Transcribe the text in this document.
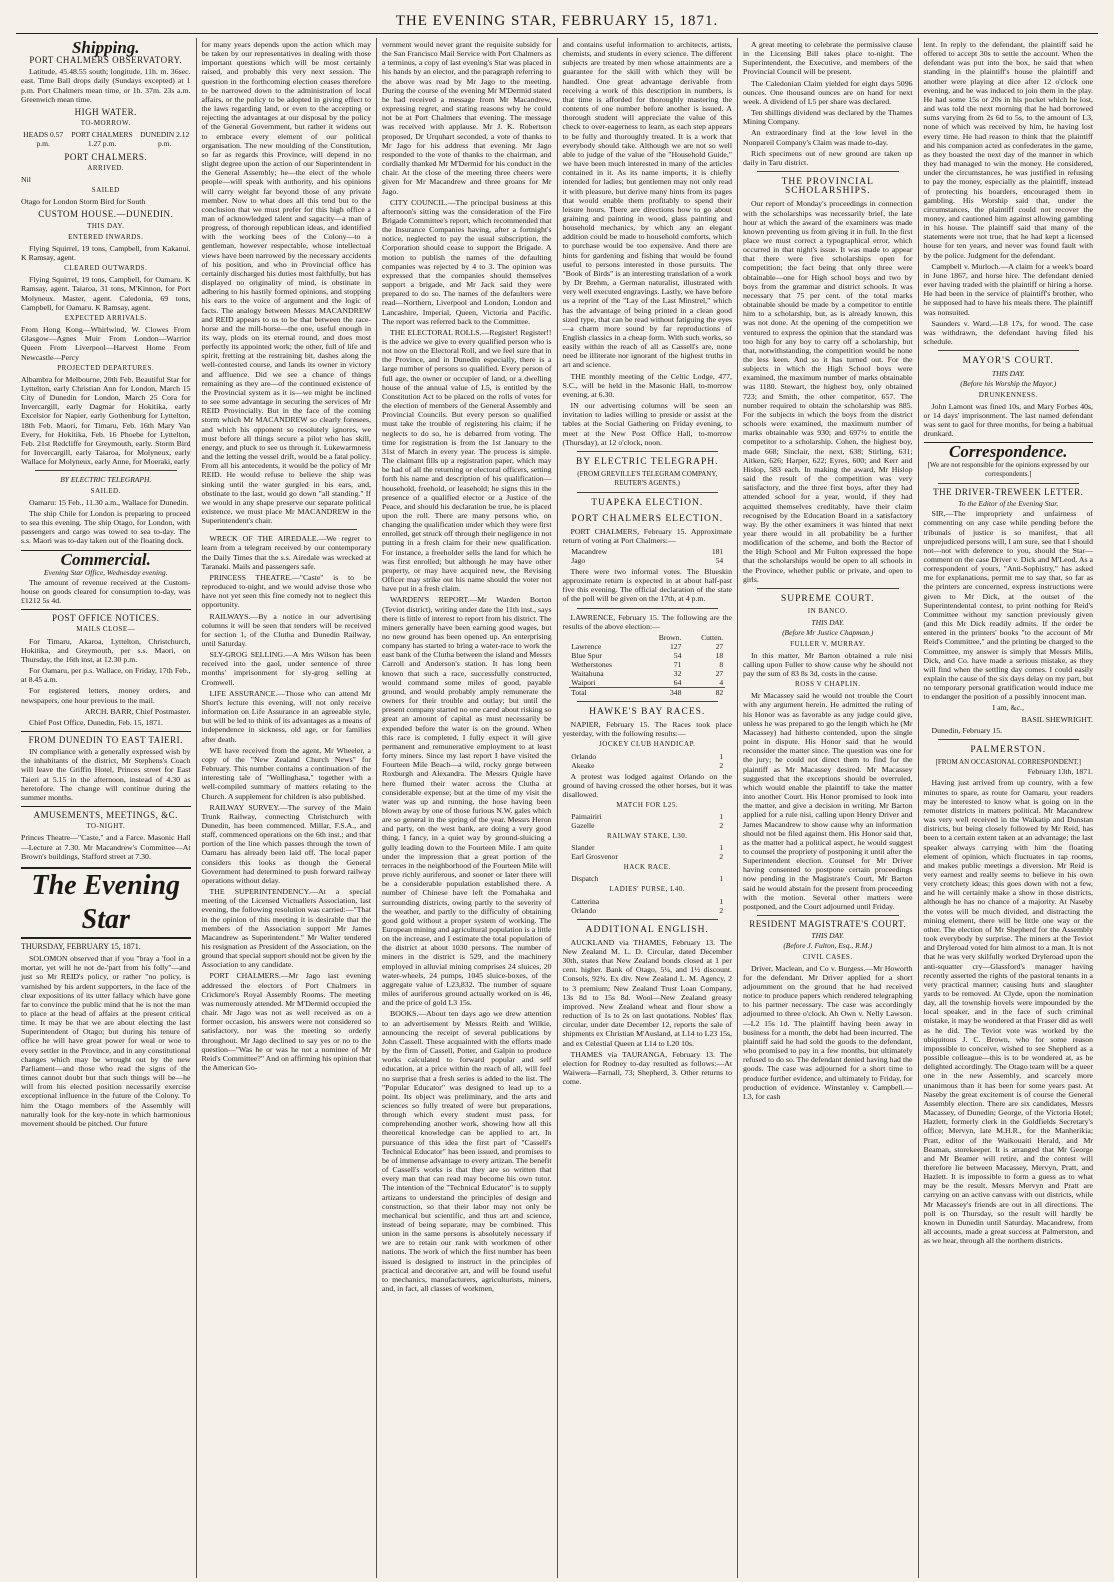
THE EVENING STAR, FEBRUARY 15, 1871.
Shipping.
PORT CHALMERS OBSERVATORY.

Latitude, 45.48.55 south; longitude, 11h. m. 36sec. east. Time Ball drops daily (Sundays excepted) at 1 p.m. Port Chalmers mean time, or 1h. 37m. 23s a.m. Greenwich mean time.

HIGH WATER.
TO-MORROW.
HEADS 0.57 p.m.
PORT CHALMERS 1.27 p.m.
DUNEDIN 2.12 p.m.
PORT CHALMERS.
ARRIVED.

Nil

SAILED

Otago for London Storm Bird for South

CUSTOM HOUSE.—DUNEDIN.
THIS DAY.
ENTERED INWARDS.

Flying Squirrel, 19 tons, Campbell, from Kakanui. K Ramsay, agent.

CLEARED OUTWARDS.

Flying Squirrel, 19 tons, Campbell, for Oamaru. K Ramsay, agent. Taiaroa, 31 tons, M'Kinnon, for Port Molyneux. Master, agent. Caledonia, 69 tons, Campbell, for Oamaru. K Ramsay, agent.

EXPECTED ARRIVALS.

From Hong Kong—Whirlwind, W. Clowes From Glasgow—Agnes Muir From London—Warrior Queen From Liverpool—Harvest Home From Newcastle—Percy

PROJECTED DEPARTURES.

Albambra for Melbourne, 20th Feb. Beautiful Star for Lyttelton, early Christian Ann for London, March 15 City of Dunedin for London, March 25 Cora for Invercargill, early Dagmar for Hokitika, early Excelsior for Napier, early Gothenburg for Lyttelton, 18th Feb. Maori, for Timaru, Feb. 16th Mary Van Every, for Hokitika, Feb. 16 Phoebe for Lyttelton, Feb. 21st Redcliffe for Greymouth, early. Storm Bird for Invercargill, early Taiaroa, for Molyneux, early Wallace for Molyneux, early Anne, for Moeraki, early

BY ELECTRIC TELEGRAPH.
SAILED.

Oamaru: 15 Feb., 11.30 a.m., Wallace for Dunedin.

The ship Chile for London is preparing to proceed to sea this evening. The ship Otago, for London, with passengers and cargo was towed to sea to-day. The s.s. Maori was to-day taken out of the floating dock.

Commercial.
Evening Star Office, Wednesday evening.

The amount of revenue received at the Custom-house on goods cleared for consumption to-day, was £1212 5s 4d.

POST OFFICE NOTICES.
MAILS CLOSE—

For Timaru, Akaroa, Lyttelton, Christchurch, Hokitika, and Greymouth, per s.s. Maori, on Thursday, the 16th inst, at 12.30 p.m.

For Oamaru, per p.s. Wallace, on Friday, 17th Feb., at 8.45 a.m.

For registered letters, money orders, and newspapers, one hour previous to the mail.

ARCH. BARR, Chief Postmaster.

Chief Post Office, Dunedin, Feb. 15, 1871.

FROM DUNEDIN TO EAST TAIERI.

IN compliance with a generally expressed wish by the inhabitants of the district, Mr Stephens's Coach will leave the Griffin Hotel, Princes street for East Taieri at 5.15 in the afternoon, instead of 4.30 as heretofore. The change will continue during the summer months.

AMUSEMENTS, MEETINGS, &C.
TO-NIGHT.

Princes Theatre—"Caste," and a Farce. Masonic Hall—Lecture at 7.30. Mr Macandrew's Committee—At Brown's buildings, Stafford street at 7.30.

The Evening Star
THURSDAY, FEBRUARY 15, 1871.

SOLOMON observed that if you "bray a 'fool in a mortar, yet will he not de-'part from his folly"—and just so Mr REID's policy, or rather "no policy, is varnished by his ardent supporters, in the face of the clear expositions of its utter fallacy which have gone far to convince the public mind that he is not the man to place at the head of affairs at the present critical time. It may be that we are about electing the last Superintendent of Otago; but during his tenure of office he will have great power for weal or woe to every settler in the Province, and in any constitutional changes which may be wrought out by the new Parliament—and those who read the signs of the times cannot doubt but that such things will be—he will from his elected position necessarily exercise exceptional influence in the future of the Colony. To him the Otago members of the Assembly will naturally look for the key-note in which harmonious movement should be pitched. Our future

for many years depends upon the action which may be taken by our representatives in dealing with those important questions which will be most certainly raised, and probably this very next session. The question in the forthcoming election ceases therefore to be narrowed down to the administration of local affairs, or the policy to be adopted in giving effect to the laws regarding land, or even to the accepting or rejecting the advantages at our disposal by the policy of the General Government, but rather it widens out to embrace every element of our political organisation. The new moulding of the Constitution, so far as regards this Province, will depend in no slight degree upon the action of our Superintendent in the General Assembly; he—the elect of the whole people—will speak with authority, and his opinions will carry weight far beyond those of any private member. Now to what does all this tend but to the conclusion that we must prefer for this high office a man of acknowledged talent and sagacity—a man of progress, of thorough republican ideas, and identified with the working bees of the Colony—to a gentleman, however respectable, whose intellectual views have been narrowed by the necessary accidents of his position, and who in Provincial office has certainly discharged his duties most faithfully, but has displayed no originality of mind, is obstinate in adhering to his hastily formed opinions, and stopping his ears to the voice of argument and the logic of facts. The analogy between Messrs MACANDREW and REID appears to us to be that between the race-horse and the mill-horse—the one, useful enough in its way, plods on its eternal round, and does most perfectly its appointed work; the other, full of life and spirit, fretting at the restraining bit, dashes along the well-contested course, and lands its owner in victory and affluence. Did we see a chance of things remaining as they are—of the continued existence of the Provincial system as it is—we might be inclined to see some advantage in securing the services of Mr REID Provincially. But in the face of the coming storm which Mr MACANDREW so clearly foresees, and which his opponent so resolutely ignores, we must before all things secure a pilot who has skill, energy, and pluck to see us through it. Lukewarmness and the letting the vessel drift, would be a fatal policy. From all his antecedents, it would be the policy of Mr REID. He would refuse to believe the ship was sinking until the water gurgled in his ears, and, obstinate to the last, would go down "all standing." If we would in any shape preserve our separate political existence, we must place Mr MACANDREW in the Superintendent's chair.

WRECK OF THE AIREDALE.—We regret to learn from a telegram received by our contemporary the Daily Times that the s.s. Airedale was wrecked at Taranaki. Mails and passengers safe.

PRINCESS THEATRE.—"Caste" is to be reproduced to-night, and we would advise those who have not yet seen this fine comedy not to neglect this opportunity.

RAILWAYS.—By a notice in our advertising columns it will be seen that tenders will be received for section 1, of the Clutha and Dunedin Railway, until Saturday.

SLY-GROG SELLING.—A Mrs Wilson has been received into the gaol, under sentence of three months' imprisonment for sly-grog selling at Cromwell.

LIFE ASSURANCE.—Those who can attend Mr Short's lecture this evening, will not only receive information on Life Assurance in an agreeable style, but will be led to think of its advantages as a means of independence in sickness, old age, or for families after death.

WE have received from the agent, Mr Wheeler, a copy of the "New Zealand Church News" for February. This number contains a continuation of the interesting tale of "Wollinghasa," together with a well-compiled summary of matters relating to the Church. A supplement for children is also published.

RAILWAY SURVEY.—The survey of the Main Trunk Railway, connecting Christchurch with Dunedin, has been commenced. Millar, F.S.A., and staff, commenced operations on the 6th inst.; and that portion of the line which passes through the town of Oamaru has already been laid off. The local paper considers this looks as though the General Government had determined to push forward railway operations without delay.

THE SUPERINTENDENCY.—At a special meeting of the Licensed Victuallers Association, last evening, the following resolution was carried:—"That in the opinion of this meeting it is desirable that the members of the Association support Mr James Macandrew as Superintendent." Mr Walter tendered his resignation as President of the Association, on the ground that special support should not be given by the Association to any candidate.

PORT CHALMERS.—Mr Jago last evening addressed the electors of Port Chalmers in Crickmore's Royal Assembly Rooms. The meeting was numerously attended. Mr M'Dermid occupied the chair. Mr Jago was not as well received as on a former occasion, his answers were not considered so satisfactory, nor was the meeting so orderly throughout. Mr Jago declined to say yes or no to the question—"Was he or was he not a nominee of Mr Reid's Committee?" And on affirming his opinion that the American Go-

vernment would never grant the requisite subsidy for the San Francisco Mail Service with Port Chalmers as a terminus, a copy of last evening's Star was placed in his hands by an elector, and the paragraph referring to the above was read by Mr Jago to the meeting. During the course of the evening Mr M'Dermid stated he had received a message from Mr Macandrew, expressing regret, and stating reasons why he could not be at Port Chalmers that evening. The message was received with applause. Mr J. K. Robertson proposed, Dr Urquhart seconded, a vote of thanks to Mr Jago for his address that evening. Mr Jago responded to the vote of thanks to the chairman, and cordially thanked Mr M'Dermid for his conduct in the chair. At the close of the meeting three cheers were given for Mr Macandrew and three groans for Mr Jago.

CITY COUNCIL.—The principal business at this afternoon's sitting was the consideration of the Fire Brigade Committee's report, which recommended that the Insurance Companies having, after a fortnight's notice, neglected to pay the usual subscription, the Corporation should cease to support the Brigade. A motion to publish the names of the defaulting companies was rejected by 4 to 3. The opinion was expressed that the companies should themselves support a brigade, and Mr Jack said they were prepared to do so. The names of the defaulters were read—Northern, Liverpool and London, London and Lancashire, Imperial, Queen, Victoria and Pacific. The report was referred back to the Committee.

THE ELECTORAL ROLLS.—Register! Register!! is the advice we give to every qualified person who is not now on the Electoral Roll, and we feel sure that in the Province, and in Dunedin especially, there is a large number of persons so qualified. Every person of full age, the owner or occupier of land, or a dwelling house of the annual value of L5, is entitled by the Constitution Act to be placed on the rolls of votes for the election of members of the General Assembly and Provincial Councils. But every person so qualified must take the trouble of registering his claim; if he neglects to do so, he is debarred from voting. The time for registration is from the 1st January to the 31st of March in every year. The process is simple. The claimant fills up a registration paper, which may be had of all the returning or electoral officers, setting forth his name and description of his qualification—household, freehold, or leasehold; he signs this in the presence of a qualified elector or a Justice of the Peace, and should his declaration be true, he is placed upon the roll. There are many persons who, on changing the qualification under which they were first enrolled, get struck off through their negligence in not putting in a fresh claim for their new qualification. For instance, a freeholder sells the land for which he was first enrolled; but although he may have other property, or may have acquired new, the Revising Officer may strike out his name should the voter not have put in a fresh claim.

WARDEN'S REPORT.—Mr Warden Borton (Teviot district), writing under date the 11th inst., says there is little of interest to report from his district. The miners generally have been earning good wages, but no new ground has been opened up. An enterprising company has started to bring a water-race to work the east bank of the Clutha between the island and Messrs Carroll and Anderson's station. It has long been known that such a race, successfully constructed, would command some miles of good, payable ground, and would probably amply remunerate the owners for their trouble and outlay; but until the present company started no one cared about risking so great an amount of capital as must necessarily be expended before the water is on the ground. When this race is completed, I fully expect it will give permanent and remunerative employment to at least forty miners. Since my last report I have visited the Fourteen Mile Beach—a wild, rocky gorge between Roxburgh and Alexandra. The Messrs Quigle have here flumed their water across the Clutha at considerable expense; but at the time of my visit the water was up and running, the hose having been blown away by one of those furious N.W. gales which are so general in the spring of the year. Messrs Heron and party, on the west bank, are doing a very good thing, I fancy, in a quiet way by ground-sluicing a gully leading down to the Fourteen Mile. I am quite under the impression that a great portion of the terraces in the neighborhood of the Fourteen Mile will prove richly auriferous, and sooner or later there will be a considerable population established there. A number of Chinese have left the Pomahaka and surrounding districts, owing partly to the severity of the weather, and partly to the difficulty of obtaining good gold without a proper system of working. The European mining and agricultural population is a little on the increase, and I estimate the total population of the district at about 1030 persons. The number of miners in the district is 529, and the machinery employed in alluvial mining comprises 24 sluices, 20 water-wheels, 24 pumps, 1045 sluice-boxes, of the aggregate value of L23,832. The number of square miles of auriferous ground actually worked on is 46, and the price of gold L3 15s.

BOOKS.—About ten days ago we drew attention to an advertisement by Messrs Reith and Wilkie, announcing the receipt of several publications by John Cassell. These acquainted with the efforts made by the firm of Cassell, Potter, and Galpin to produce works calculated to forward popular and self education, at a price within the reach of all, will feel no surprise that a fresh series is added to the list. The "Popular Educator" was designed to lead up to a point. Its object was preliminary, and the arts and sciences so fully treated of were but preparations, through which every student must pass, for comprehending another work, showing how all this theoretical knowledge can be applied to art. In pursuance of this idea the first part of "Cassell's Technical Educator" has been issued, and promises to be of immense advantage to every artizan. The benefit of Cassell's works is that they are so written that every man that can read may become his own tutor. The intention of the "Technical Educator" is to supply artizans to understand the principles of design and construction, so that their labor may not only be mechanical but scientific, and thus art and science, instead of being separate, may be combined. This union in the same persons is absolutely necessary if we are to retain our rank with workmen of other nations. The work of which the first number has been issued is designed to instruct in the principles of practical and decorative art, and will be found useful to mechanics, manufacturers, agriculturists, miners, and, in fact, all classes of workmen,

and contains useful information to architects, artists, chemists, and students in every science. The different subjects are treated by men whose attainments are a guarantee for the skill with which they will be handled. One great advantage derivable from receiving a work of this description in numbers, is that time is afforded for thoroughly mastering the contents of one number before another is issued. A thorough student will appreciate the value of this check to over-eagerness to learn, as each step appears to be fully and thoroughly treated. It is a work that everybody should take. Although we are not so well able to judge of the value of the "Household Guide," we have been much interested in many of the articles contained in it. As its name imports, it is chiefly intended for ladies; but gentlemen may not only read it with pleasure, but derive many hints from its pages that would enable them profitably to spend their leisure hours. There are directions how to go about graining and painting in wood, glass painting and household mechanics, by which any an elegant addition could be made to household comforts, which to purchase would be too expensive. And there are hints for gardening and fishing that would be found useful to persons interested in those pursuits. The "Book of Birds" is an interesting translation of a work by Dr Brehm, a German naturalist, illustrated with very well executed engravings. Lastly, we have before us a reprint of the "Lay of the Last Minstrel," which has the advantage of being printed in a clean good sized type, that can be read without fatiguing the eyes—a charm more sound by far reproductions of English classics in a cheap form. With such works, so easily within the reach of all as Cassell's are, none need be illiterate nor ignorant of the highest truths in art and science.

THE monthly meeting of the Celtic Lodge, 477, S.C., will be held in the Masonic Hall, to-morrow evening, at 6.30.

IN our advertising columns will be seen an invitation to ladies willing to preside or assist at the tables at the Social Gathering on Friday evening, to meet at the New Post Office Hall, to-morrow (Thursday), at 12 o'clock, noon.

BY ELECTRIC TELEGRAPH.
(FROM GREVILLE'S TELEGRAM COMPANY, REUTER'S AGENTS.)
TUAPEKA ELECTION.
PORT CHALMERS ELECTION.

PORT CHALMERS, February 15. Approximate return of voting at Port Chalmers:—

Macandrew	181
Jago	54

There were two informal votes. The Blueskin approximate return is expected in at about half-past five this evening. The official declaration of the state of the poll will be given on the 17th, at 4 p.m.

LAWRENCE, February 15. The following are the results of the above election:—

	Brown.	Cutten.
Lawrence	127	27
Blue Spur	54	18
Wetherstones	71	8
Waitahuna	32	27
Waipori	64	4
Total	348	82
HAWKE'S BAY RACES.

NAPIER, February 15. The Races took place yesterday, with the following results:—

JOCKEY CLUB HANDICAP.
Orlando	1
Akeake	2

A protest was lodged against Orlando on the ground of having crossed the other horses, but it was disallowed.

MATCH FOR L25.
Paimairiri	1
Gazelle	2
RAILWAY STAKE, L30.
Slander	1
Earl Grosvenor	2
HACK RACE.
Dispatch	1
LADIES' PURSE, L40.
Catterina	1
Orlando	2
ADDITIONAL ENGLISH.

AUCKLAND via THAMES, February 13. The New Zealand M. L. D. Circular, dated December 30th, states that New Zealand bonds closed at 1 per cent. higher. Bank of Otago, 5¼, and 1½ discount. Consols, 92¾. Ex div. New Zealand L. M. Agency, 2 to 3 premium; New Zealand Trust Loan Company, 13s 8d to 15s 8d. Wool—New Zealand greasy improved. New Zealand wheat and flour show a reduction of 1s to 2s on last quotations. Nobles' flax circular, under date December 12, reports the sale of shipments ex Christian M'Ausland, at L14 to L23 15s, and ex Celestial Queen at L14 to L20 10s.

THAMES via TAURANGA, February 13. The election for Rodney to-day resulted as follows:—At Waiwera—Farnall, 73; Shepherd, 3. Other returns to come.

A great meeting to celebrate the permissive clause in the Licensing Bill takes place to-night. The Superintendent, the Executive, and members of the Provincial Council will be present.

The Caledonian Claim yielded for eight days 5096 ounces. One thousand ounces are on hand for next week. A dividend of L5 per share was declared.

Ten shillings dividend was declared by the Thames Mining Company.

An extraordinary find at the low level in the Nonpareil Company's Claim was made to-day.

Rich specimens out of new ground are taken up daily in Taru district.

THE PROVINCIAL SCHOLARSHIPS.

Our report of Monday's proceedings in connection with the scholarships was necessarily brief, the late hour at which the award of the examiners was made known preventing us from giving it in full. In the first place we must correct a typographical error, which occurred in that night's issue. It was made to appear that there were five scholarships open for competition; the fact being that only three were obtainable—one for High school boys and two by boys from the grammar and district schools. It was necessary that 75 per cent. of the total marks obtainable should be made by a competitor to entitle him to a scholarship, but, as is already known, this was not done. At the opening of the competition we ventured to express the opinion that the standard was too high for any boy to carry off a scholarship, but that, notwithstanding, the competition would be none the less keen. And so it has turned out. For the subjects in which the High School boys were examined, the maximum number of marks obtainable was 1180. Stewart, the highest boy, only obtained 723; and Smith, the other competitor, 657. The number required to obtain the scholarship was 885. For the subjects in which the boys from the district schools were examined, the maximum number of marks obtainable was 930; and 697½ to entitle the competitor to a scholarship. Cohen, the highest boy, made 668; Sinclair, the next, 638; Stirling, 631; Aitken, 626; Harper, 622; Eyres, 600; and Kerr and Hislop, 583 each. In making the award, Mr Hislop said the result of the competition was very satisfactory, and the three first boys, after they had attended school for a year, would, if they had acquitted themselves creditably, have their claim recognised by the Education Board in a satisfactory way. By the other examiners it was hinted that next year there would in all probability be a further modification of the scheme, and both the Rector of the High School and Mr Fulton expressed the hope that the scholarships would be open to all schools in the Province, whether public or private, and open to girls.

SUPREME COURT.
IN BANCO.
THIS DAY.
(Before Mr Justice Chapman.)
FULLER V. MURRAY.

In this matter, Mr Barton obtained a rule nisi calling upon Fuller to show cause why he should not pay the sum of 83 8s 3d, costs in the cause.

ROSS V CHAPLIN.

Mr Macassey said he would not trouble the Court with any argument herein. He admitted the ruling of his Honor was as favorable as any judge could give, unless he was prepared to go the length which he (Mr Macassey) had hitherto contended, upon the single point in dispute. His Honor said that he would reconsider the matter since. The question was one for the jury; he could not direct them to find for the plaintiff as Mr Macassey desired. Mr Macassey suggested that the exceptions should be overruled, which would enable the plaintiff to take the matter into another Court. His Honor promised to look into the matter, and give a decision in writing. Mr Barton applied for a rule nisi, calling upon Henry Driver and James Macandrew to show cause why an information should not be filed against them. His Honor said that, as the matter had a political aspect, he would suggest to counsel the propriety of postponing it until after the Superintendent election. Counsel for Mr Driver having consented to postpone certain proceedings now pending in the Magistrate's Court, Mr Barton said he would abstain for the present from proceeding with the motion. Several other matters were postponed, and the Court adjourned until Friday.

RESIDENT MAGISTRATE'S COURT.
THIS DAY.
(Before J. Fulton, Esq., R.M.)
CIVIL CASES.

Driver, Maclean, and Co v. Burgess.—Mr Howorth for the defendant. Mr Driver applied for a short adjournment on the ground that he had received notice to produce papers which rendered telegraphing to his partner necessary. The case was accordingly adjourned to three o'clock. Ah Own v. Nelly Lawson.—L2 15s 1d. The plaintiff having been away in business for a month, the debt had been incurred. The plaintiff said he had sold the goods to the defendant, who promised to pay in a few months, but ultimately refused to do so. The defendant denied having had the goods. The case was adjourned for a short time to produce further evidence, and ultimately to Friday, for production of evidence. Winstanley v. Campbell.—L3, for cash

lent. In reply to the defendant, the plaintiff said he offered to accept 30s to settle the account. When the defendant was put into the box, he said that when standing in the plaintiff's house the plaintiff and another were playing at dice after 12 o'clock one evening, and he was induced to join them in the play. He had some 15s or 20s in his pocket which he lost, and was told the next morning that he had borrowed sums varying from 2s 6d to 5s, to the amount of L3, none of which was received by him, he having lost every time. He had reason to think that the plaintiff and his companion acted as confederates in the game, as they boasted the next day of the manner in which they had managed to win the money. He considered, under the circumstances, he was justified in refusing to pay the money, especially as the plaintiff, instead of protecting his boarders, encouraged them in gambling. His Worship said that, under the circumstances, the plaintiff could not recover the money, and cautioned him against allowing gambling in his house. The plaintiff said that many of the statements were not true, that he had kept a licensed house for ten years, and never was found fault with by the police. Judgment for the defendant.

Campbell v. Murloch.—A claim for a week's board in June 1867, and horse hire. The defendant denied ever having traded with the plaintiff or hiring a horse. He had been in the service of plaintiff's brother, who he supposed had to have his meals there. The plaintiff was nonsuited.

Saunders v. Ward.—L8 17s, for wood. The case was withdrawn, the defendant having filed his schedule.

MAYOR'S COURT.
THIS DAY.
(Before his Worship the Mayor.)
DRUNKENNESS.

John Lamont was fined 10s, and Mary Forbes 40s, or 14 days' imprisonment. The last named defendant was sent to gaol for three months, for being a habitual drunkard.

Correspondence.
[We are not responsible for the opinions expressed by our correspondents.]
THE DRIVER-TREWEEK LETTER.
To the Editor of the Evening Star.

SIR,—The impropriety and unfairness of commenting on any case while pending before the tribunals of justice is so manifest, that all unprejudiced persons will, I am sure, see that I should not—not with deference to you, should the Star—comment on the case Driver v. Dick and M'Leod. As a correspondent of yours, "Anti-Sophistry," has asked me for explanations, permit me to say that, so far as the printers are concerned, express instructions were given to Mr Dick, at the outset of the Superintendental contest, to print nothing for Reid's Committee without my sanction previously given (and this Mr Dick readily admits. If the order be entered in the printers' books "to the account of Mr Reid's Committee," and the printing be charged to the Committee, my answer is simply that Messrs Mills, Dick, and Co. have made a serious mistake, as they will find when the settling day comes. I could easily explain the cause of the six days delay on my part, but no temporary personal gratification would induce me to endanger the position of a possibly innocent man.

I am, &c.,

BASIL SHEWRIGHT.

Dunedin, February 15.

PALMERSTON.
[FROM AN OCCASIONAL CORRESPONDENT.]

February 13th, 1871.

Having just arrived from up country, with a few minutes to spare, as route for Oamaru, your readers may be interested to know what is going on in the remoter districts in matters political. Mr Macandrew was very well received in the Waikatip and Dunstan districts, but being closely followed by Mr Reid, has been to a certain extent taken at an advantage; the last speaker always carrying with him the floating element of opinion, which fluctuates in tap rooms, and makes public meetings a diversion. Mr Reid is very earnest and really seems to believe in his own very crotchety ideas; this goes down with not a few, and he will certainly make a show in those districts, although he has no chance of a majority. At Naseby the votes will be much divided, and distracting the mining element, there will be little one way or the other. The election of Mr Shepherd for the Assembly took everybody by surprise. The miners at the Teviot and Dryleroad voted for him almost to a man. It is not that he was very skilfully worked Dryleroad upon the anti-squatter cry—Glassford's manager having recently asserted the rights of the pastoral tenants in a very practical manner; causing huts and slaughter yards to be removed. At Clyde, upon the nomination day, all the township hovels were impounded by the local speaker, and in the face of such criminal mistake, it may be wondered at that Fraser did as well as he did. The Teviot vote was worked by the ubiquitous J. C. Brown, who for some reason impossible to conceive, wished to see Shepherd as a possible colleague—this is to be wondered at, as he delighted accordingly. The Otago team will be a queer one in the new Assembly, and scarcely more unanimous than it has been for some years past. At Naseby the great excitement is of course the General Assembly election. There are six candidates, Messrs Macassey, of Dunedin; George, of the Victoria Hotel; Hazlett, formerly clerk in the Goldfields Secretary's office; Mervyn, late M.H.R., for the Manherikia; Pratt, editor of the Waikouaiti Herald, and Mr Beaman, storekeeper. It is arranged that Mr George and Mr Beamer will retire, and the contest will therefore lie between Macassey, Mervyn, Pratt, and Hazlett. It is impossible to form a guess as to what may be the result. Messrs Mervyn and Pratt are carrying on an active canvass with out districts, while Mr Macassey's friends are out in all directions. The poll is on Thursday, so the result will hardly be known in Dunedin until Saturday. Macandrew, from all accounts, made a great success at Palmerston, and as we hear, through all the northern districts.
